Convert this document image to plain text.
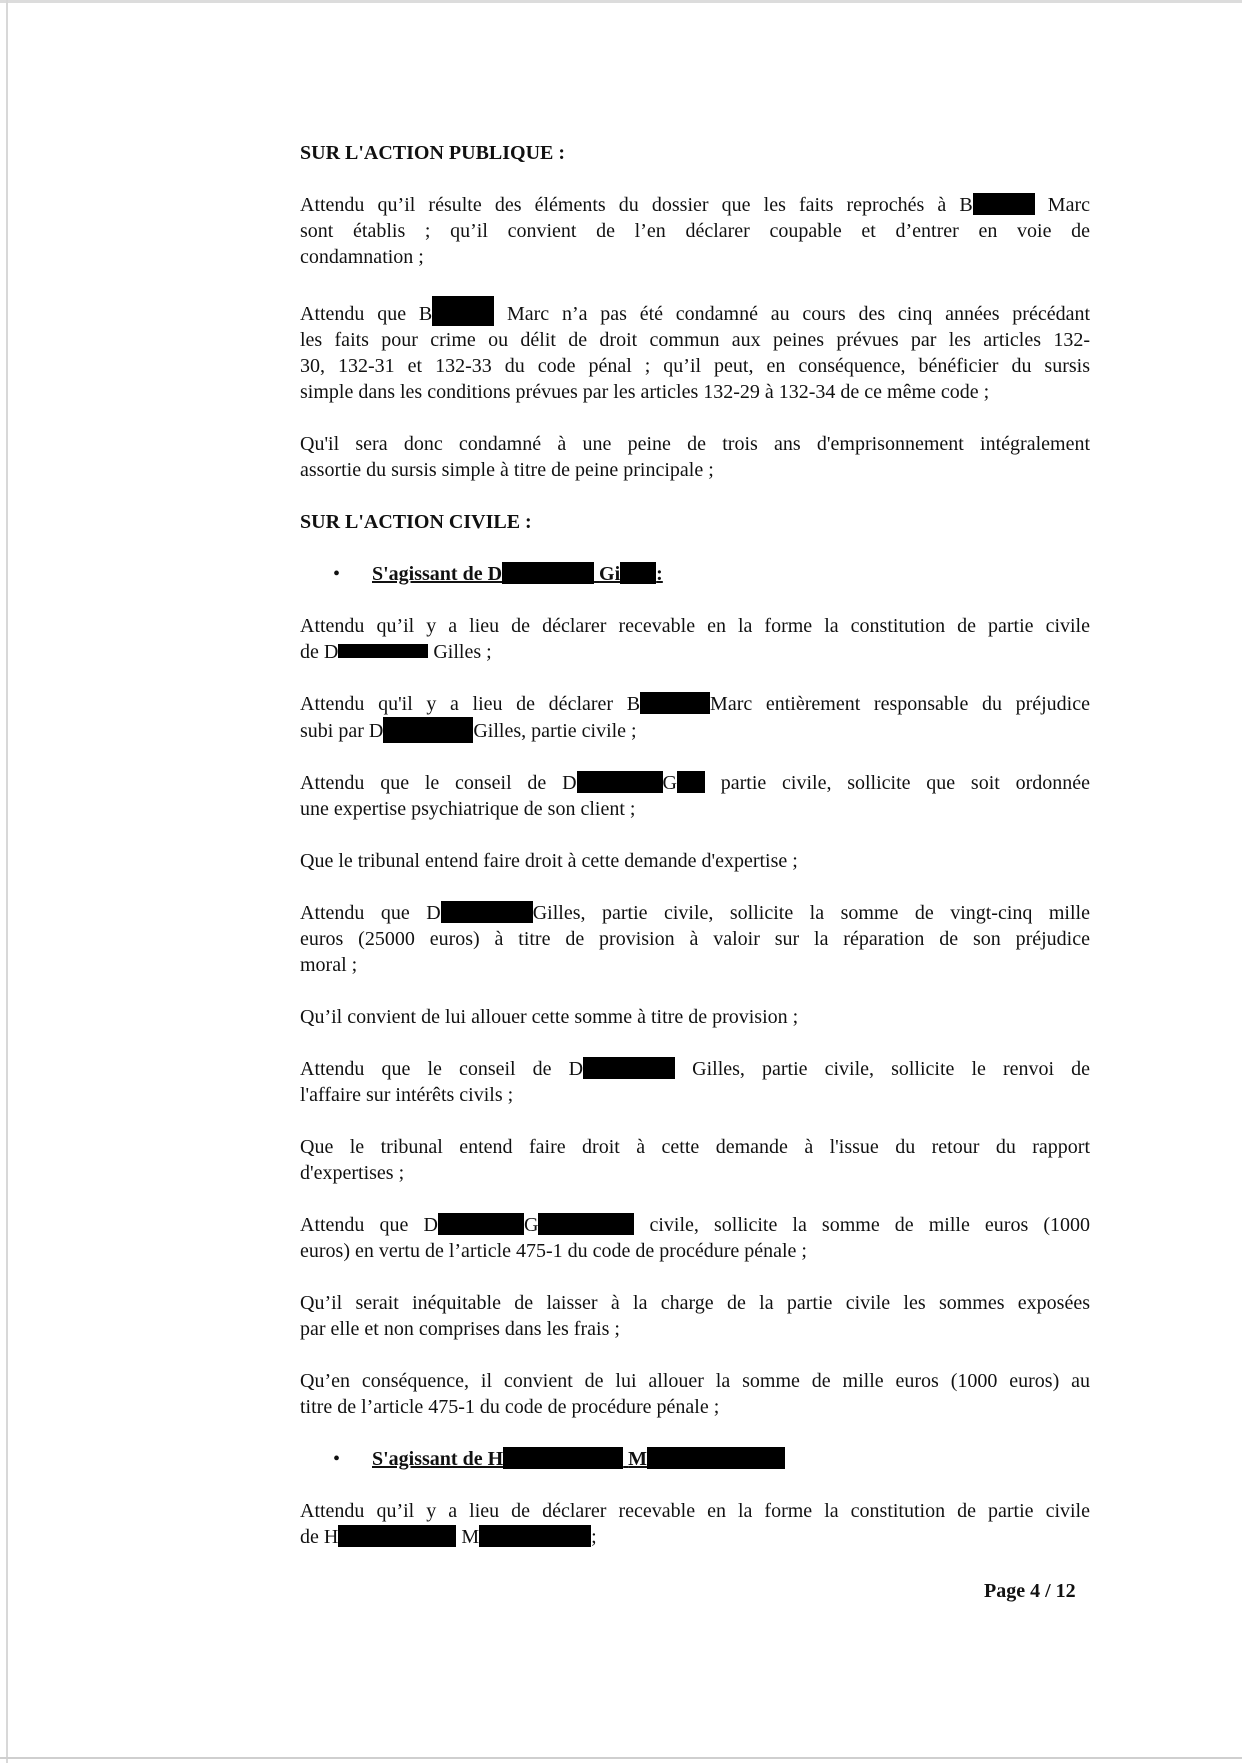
SUR L'ACTION PUBLIQUE :
Attendu qu’il résulte des éléments du dossier que les faits reprochés à B	Marc
sont établis ; qu’il convient de l’en déclarer coupable et d’entrer en voie de
condamnation ;
Attendu que B	Marc n’a pas été condamné au cours des cinq années précédant
les faits pour crime ou délit de droit commun aux peines prévues par les articles 132-
30, 132-31 et 132-33 du code pénal ; qu’il peut, en conséquence, bénéficier du sursis
simple dans les conditions prévues par les articles 132-29 à 132-34 de ce même code ;
Qu'il sera donc condamné à une peine de trois ans d'emprisonnement intégralement
assortie du sursis simple à titre de peine principale ;
SUR L'ACTION CIVILE :
• S'agissant de D	Gi :
Attendu qu’il y a lieu de déclarer recevable en la forme la constitution de partie civile
de D	Gilles ;
Attendu qu'il y a lieu de déclarer B	Marc entièrement responsable du préjudice
subi par D	Gilles, partie civile ;
Attendu que le conseil de D	G partie civile, sollicite que soit ordonnée
une expertise psychiatrique de son client ;
Que le tribunal entend faire droit à cette demande d'expertise ;
Attendu que D	Gilles, partie civile, sollicite la somme de vingt-cinq mille
euros (25000 euros) à titre de provision à valoir sur la réparation de son préjudice
moral ;
Qu’il convient de lui allouer cette somme à titre de provision ;
Attendu que le conseil de D	Gilles, partie civile, sollicite le renvoi de
l'affaire sur intérêts civils ;
Que le tribunal entend faire droit à cette demande à l'issue du retour du rapport
d'expertises ;
Attendu que D	G	civile, sollicite la somme de mille euros (1000
euros) en vertu de l’article 475-1 du code de procédure pénale ;
Qu’il serait inéquitable de laisser à la charge de la partie civile les sommes exposées
par elle et non comprises dans les frais ;
Qu’en conséquence, il convient de lui allouer la somme de mille euros (1000 euros) au
titre de l’article 475-1 du code de procédure pénale ;
• S'agissant de H	M
Attendu qu’il y a lieu de déclarer recevable en la forme la constitution de partie civile
de H	M	;
Page 4 / 12
